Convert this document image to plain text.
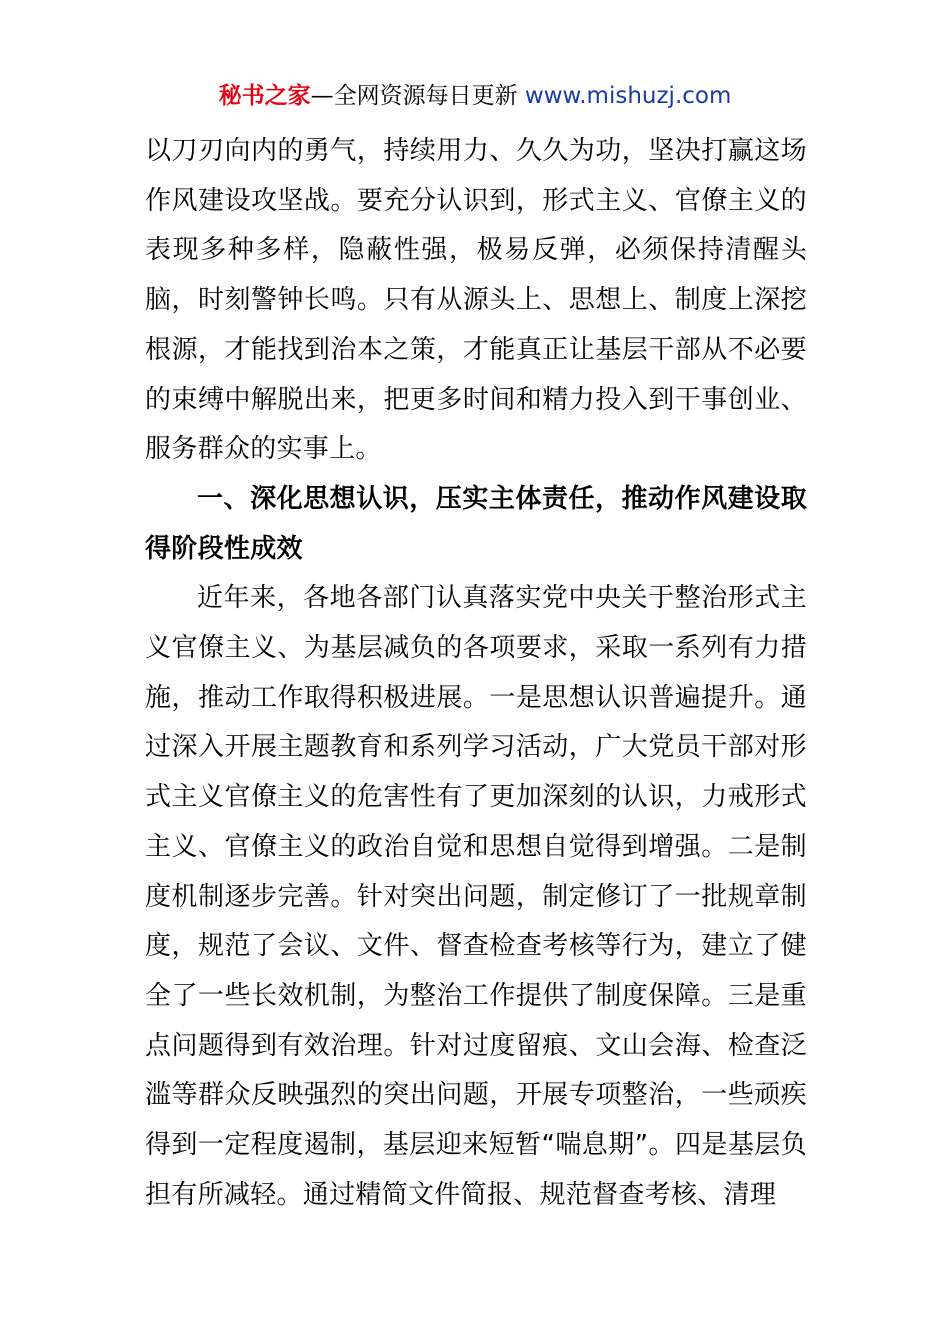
秘书之家—全网资源每日更新 www.mishuzj.com

以刀刃向内的勇气，持续用力、久久为功，坚决打赢这场作风建设攻坚战。要充分认识到，形式主义、官僚主义的表现多种多样，隐蔽性强，极易反弹，必须保持清醒头脑，时刻警钟长鸣。只有从源头上、思想上、制度上深挖根源，才能找到治本之策，才能真正让基层干部从不必要的束缚中解脱出来，把更多时间和精力投入到干事创业、服务群众的实事上。

一、深化思想认识，压实主体责任，推动作风建设取得阶段性成效

近年来，各地各部门认真落实党中央关于整治形式主义官僚主义、为基层减负的各项要求，采取一系列有力措施，推动工作取得积极进展。一是思想认识普遍提升。通过深入开展主题教育和系列学习活动，广大党员干部对形式主义官僚主义的危害性有了更加深刻的认识，力戒形式主义、官僚主义的政治自觉和思想自觉得到增强。二是制度机制逐步完善。针对突出问题，制定修订了一批规章制度，规范了会议、文件、督查检查考核等行为，建立了健全了一些长效机制，为整治工作提供了制度保障。三是重点问题得到有效治理。针对过度留痕、文山会海、检查泛滥等群众反映强烈的突出问题，开展专项整治，一些顽疾得到一定程度遏制，基层迎来短暂“喘息期”。四是基层负担有所减轻。通过精简文件简报、规范督查考核、清理
